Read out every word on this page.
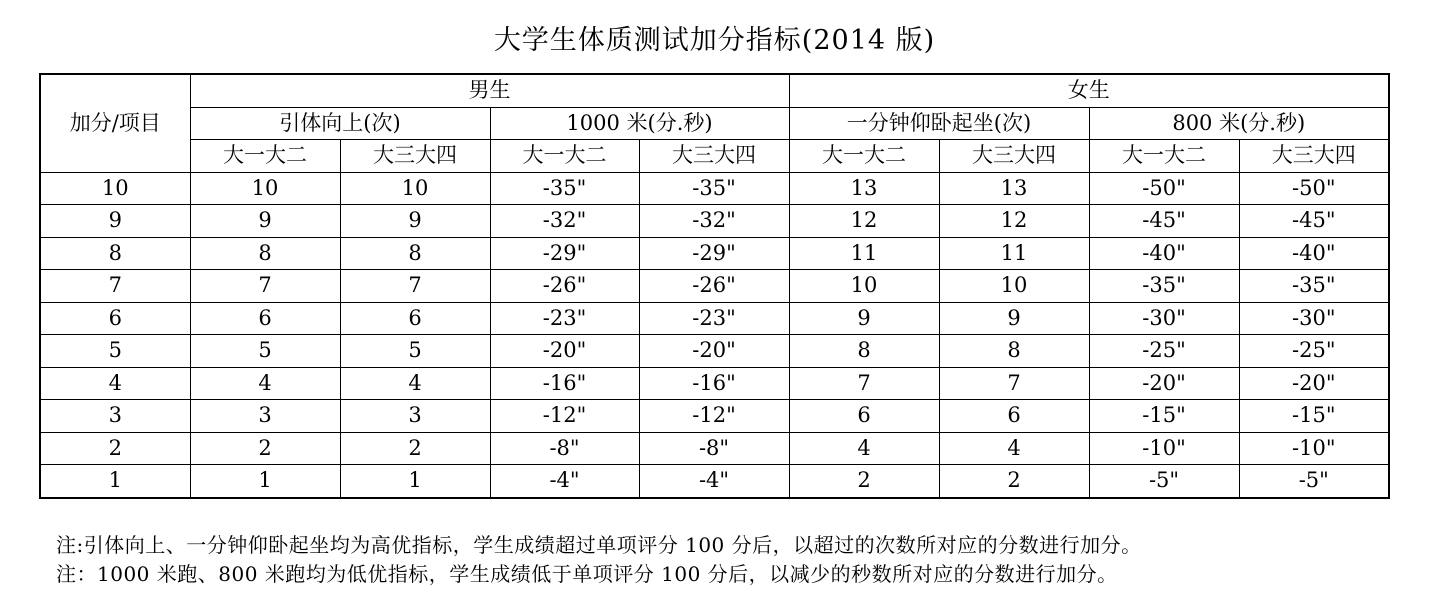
大学生体质测试加分指标(2014 版)
加分/项目	男生				女生			
	引体向上(次)		1000 米(分.秒)		一分钟仰卧起坐(次)		800 米(分.秒)	
	大一大二	大三大四	大一大二	大三大四	大一大二	大三大四	大一大二	大三大四
10	10	10	-35"	-35"	13	13	-50"	-50"
9	9	9	-32"	-32"	12	12	-45"	-45"
8	8	8	-29"	-29"	11	11	-40"	-40"
7	7	7	-26"	-26"	10	10	-35"	-35"
6	6	6	-23"	-23"	9	9	-30"	-30"
5	5	5	-20"	-20"	8	8	-25"	-25"
4	4	4	-16"	-16"	7	7	-20"	-20"
3	3	3	-12"	-12"	6	6	-15"	-15"
2	2	2	-8"	-8"	4	4	-10"	-10"
1	1	1	-4"	-4"	2	2	-5"	-5"
注:引体向上、一分钟仰卧起坐均为高优指标，学生成绩超过单项评分 100 分后，以超过的次数所对应的分数进行加分。
注：1000 米跑、800 米跑均为低优指标，学生成绩低于单项评分 100 分后，以减少的秒数所对应的分数进行加分。
